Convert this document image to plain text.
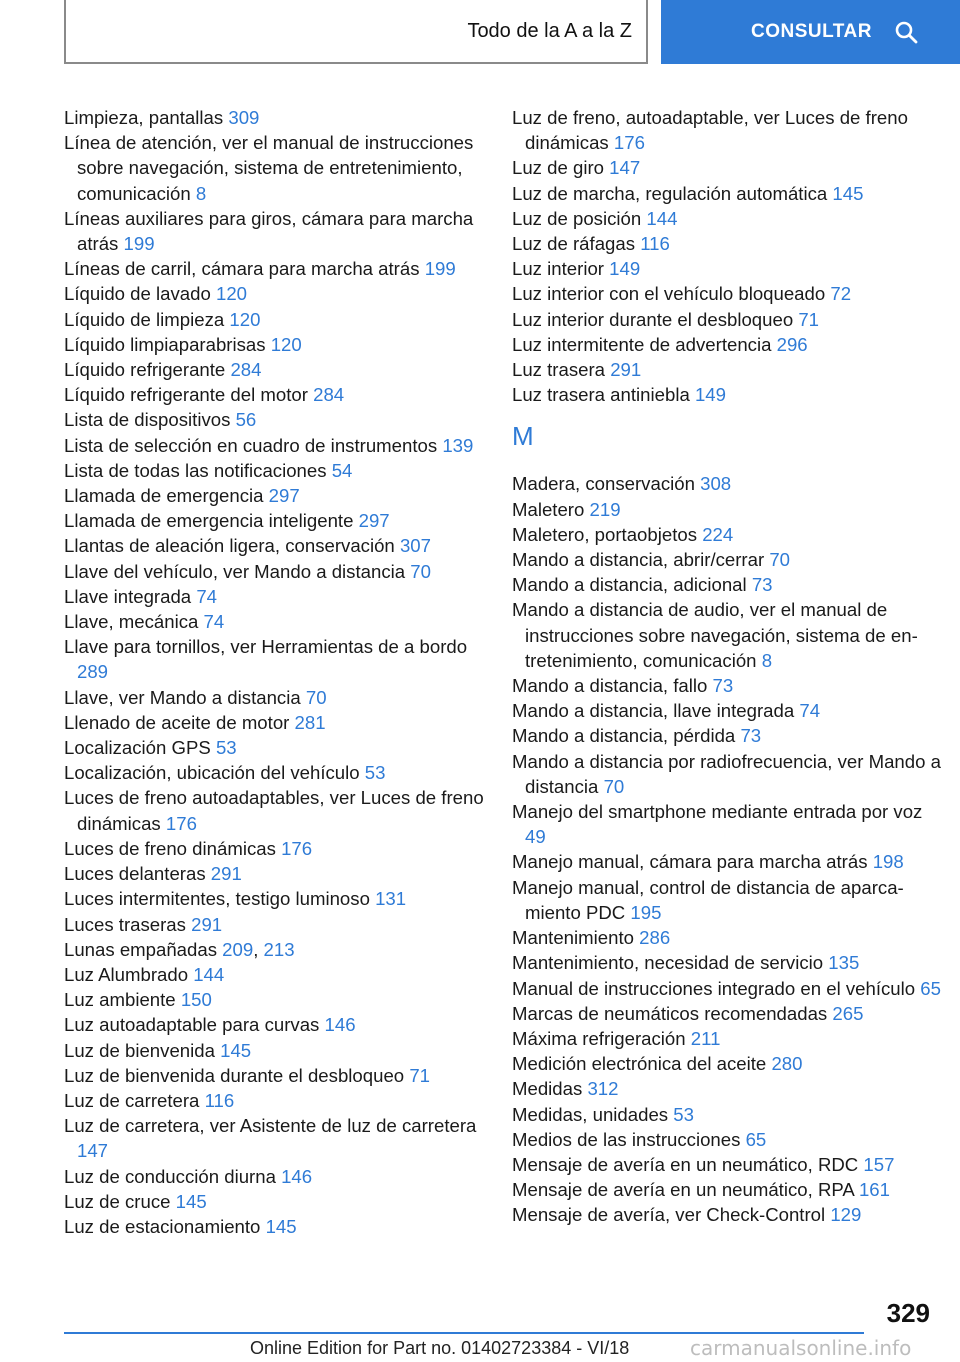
Todo de la A a la Z	CONSULTAR
Limpieza, pantallas 309
Línea de atención, ver el manual de instrucciones sobre navegación, sistema de entretenimiento, comunicación 8
Líneas auxiliares para giros, cámara para marcha atrás 199
Líneas de carril, cámara para marcha atrás 199
Líquido de lavado 120
Líquido de limpieza 120
Líquido limpiaparabrisas 120
Líquido refrigerante 284
Líquido refrigerante del motor 284
Lista de dispositivos 56
Lista de selección en cuadro de instrumentos 139
Lista de todas las notificaciones 54
Llamada de emergencia 297
Llamada de emergencia inteligente 297
Llantas de aleación ligera, conservación 307
Llave del vehículo, ver Mando a distancia 70
Llave integrada 74
Llave, mecánica 74
Llave para tornillos, ver Herramientas de a bordo 289
Llave, ver Mando a distancia 70
Llenado de aceite de motor 281
Localización GPS 53
Localización, ubicación del vehículo 53
Luces de freno autoadaptables, ver Luces de freno dinámicas 176
Luces de freno dinámicas 176
Luces delanteras 291
Luces intermitentes, testigo luminoso 131
Luces traseras 291
Lunas empañadas 209, 213
Luz Alumbrado 144
Luz ambiente 150
Luz autoadaptable para curvas 146
Luz de bienvenida 145
Luz de bienvenida durante el desbloqueo 71
Luz de carretera 116
Luz de carretera, ver Asistente de luz de carretera 147
Luz de conducción diurna 146
Luz de cruce 145
Luz de estacionamiento 145
Luz de freno, autoadaptable, ver Luces de freno dinámicas 176
Luz de giro 147
Luz de marcha, regulación automática 145
Luz de posición 144
Luz de ráfagas 116
Luz interior 149
Luz interior con el vehículo bloqueado 72
Luz interior durante el desbloqueo 71
Luz intermitente de advertencia 296
Luz trasera 291
Luz trasera antiniebla 149
M
Madera, conservación 308
Maletero 219
Maletero, portaobjetos 224
Mando a distancia, abrir/cerrar 70
Mando a distancia, adicional 73
Mando a distancia de audio, ver el manual de instrucciones sobre navegación, sistema de entretenimiento, comunicación 8
Mando a distancia, fallo 73
Mando a distancia, llave integrada 74
Mando a distancia, pérdida 73
Mando a distancia por radiofrecuencia, ver Mando a distancia 70
Manejo del smartphone mediante entrada por voz 49
Manejo manual, cámara para marcha atrás 198
Manejo manual, control de distancia de aparcamiento PDC 195
Mantenimiento 286
Mantenimiento, necesidad de servicio 135
Manual de instrucciones integrado en el vehículo 65
Marcas de neumáticos recomendadas 265
Máxima refrigeración 211
Medición electrónica del aceite 280
Medidas 312
Medidas, unidades 53
Medios de las instrucciones 65
Mensaje de avería en un neumático, RDC 157
Mensaje de avería en un neumático, RPA 161
Mensaje de avería, ver Check-Control 129
329
Online Edition for Part no. 01402723384 - VI/18	carmanualsonline.info
